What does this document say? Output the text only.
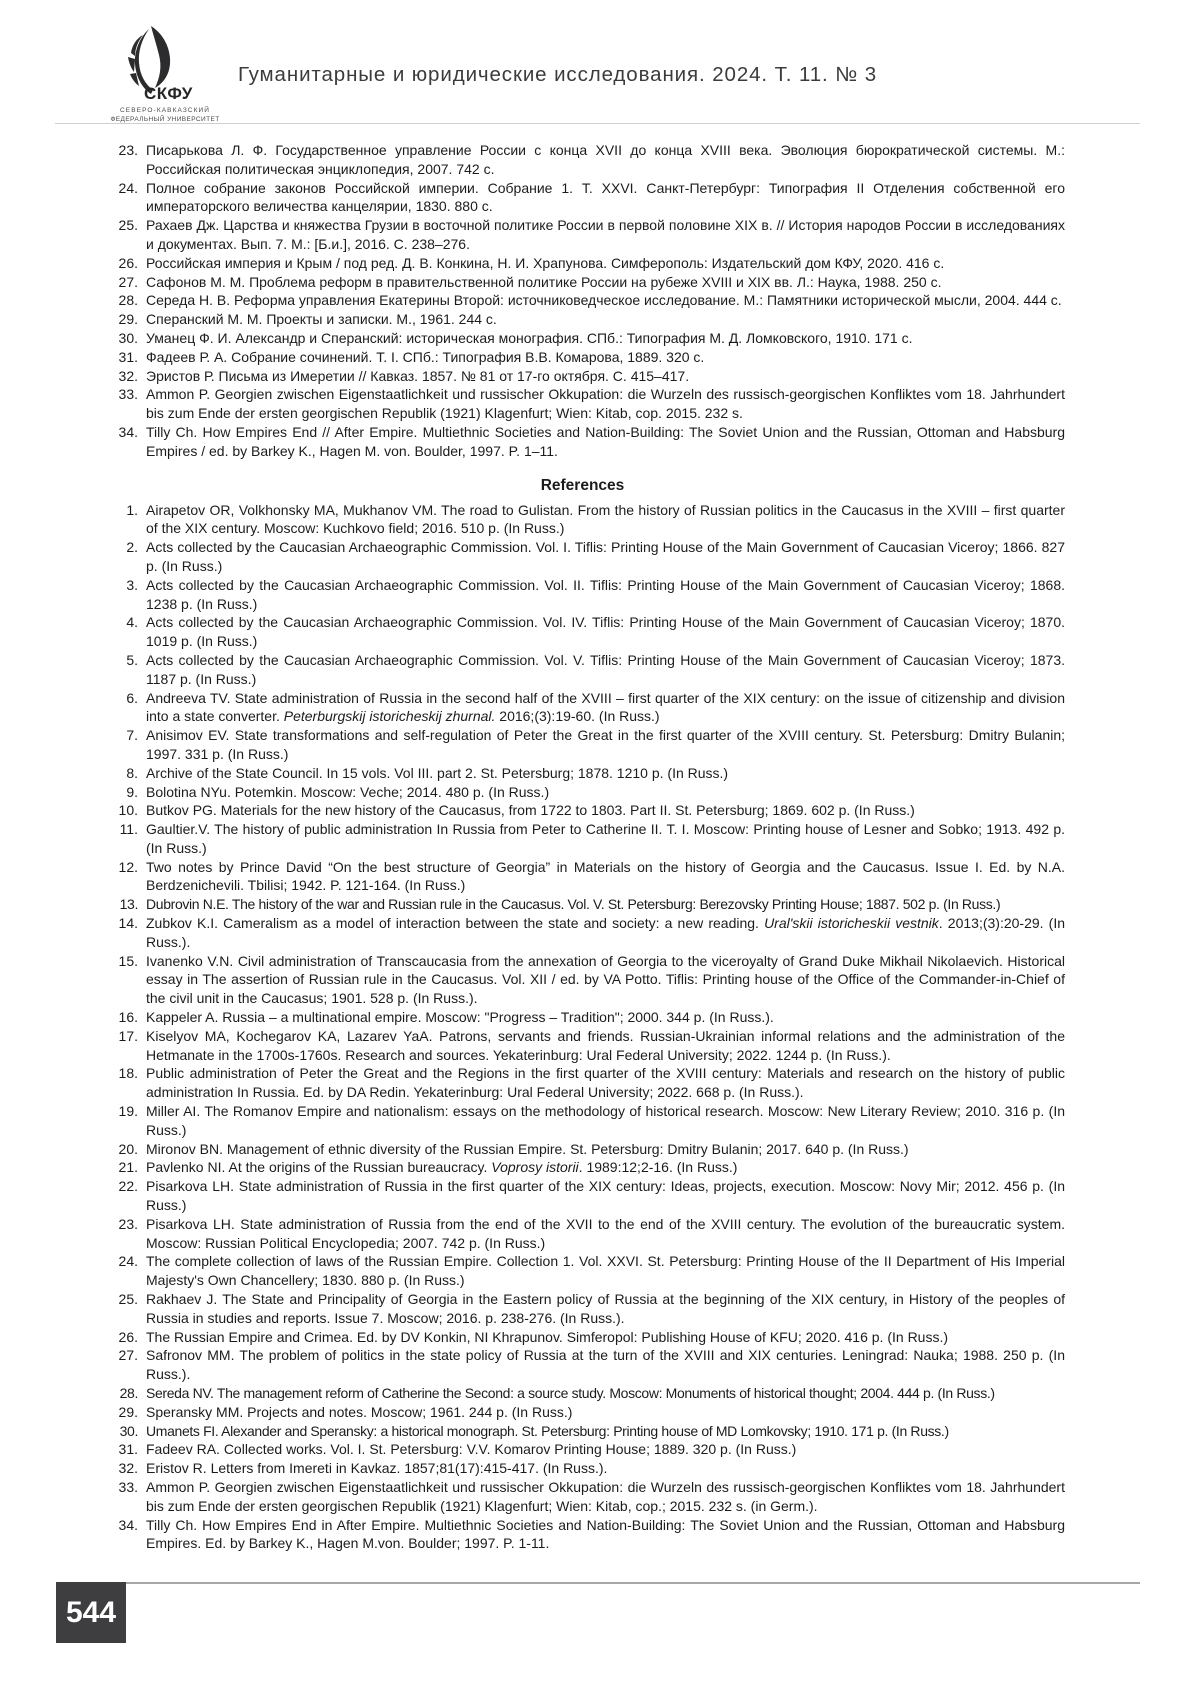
СКФУ
СЕВЕРО-КАВКАЗСКИЙ
ФЕДЕРАЛЬНЫЙ УНИВЕРСИТЕТ
Гуманитарные и юридические исследования. 2024. Т. 11. № 3
23. Писарькова Л. Ф. Государственное управление России с конца XVII до конца XVIII века. Эволюция бюрократической системы. М.: Российская политическая энциклопедия, 2007. 742 с.
24. Полное собрание законов Российской империи. Собрание 1. Т. XXVI. Санкт-Петербург: Типография II Отделения собственной его императорского величества канцелярии, 1830. 880 с.
25. Рахаев Дж. Царства и княжества Грузии в восточной политике России в первой половине XIX в. // История народов России в исследованиях и документах. Вып. 7. М.: [Б.и.], 2016. С. 238–276.
26. Российская империя и Крым / под ред. Д. В. Конкина, Н. И. Храпунова. Симферополь: Издательский дом КФУ, 2020. 416 с.
27. Сафонов М. М. Проблема реформ в правительственной политике России на рубеже XVIII и XIX вв. Л.: Наука, 1988. 250 с.
28. Середа Н. В. Реформа управления Екатерины Второй: источниковедческое исследование. М.: Памятники исторической мысли, 2004. 444 с.
29. Сперанский М. М. Проекты и записки. М., 1961. 244 с.
30. Уманец Ф. И. Александр и Сперанский: историческая монография. СПб.: Типография М. Д. Ломковского, 1910. 171 с.
31. Фадеев Р. А. Собрание сочинений. Т. I. СПб.: Типография В.В. Комарова, 1889. 320 с.
32. Эристов Р. Письма из Имеретии // Кавказ. 1857. № 81 от 17-го октября. С. 415–417.
33. Ammon P. Georgien zwischen Eigenstaatlichkeit und russischer Okkupation: die Wurzeln des russisch-georgischen Konfliktes vom 18. Jahrhundert bis zum Ende der ersten georgischen Republik (1921) Klagenfurt; Wien: Kitab, cop. 2015. 232 s.
34. Tilly Ch. How Empires End // After Empire. Multiethnic Societies and Nation-Building: The Soviet Union and the Russian, Ottoman and Habsburg Empires / ed. by Barkey K., Hagen M. von. Boulder, 1997. P. 1–11.
References
1. Airapetov OR, Volkhonsky MA, Mukhanov VM. The road to Gulistan. From the history of Russian politics in the Caucasus in the XVIII – first quarter of the XIX century. Moscow: Kuchkovo field; 2016. 510 p. (In Russ.)
2. Acts collected by the Caucasian Archaeographic Commission. Vol. I. Tiflis: Printing House of the Main Government of Caucasian Viceroy; 1866. 827 p. (In Russ.)
3. Acts collected by the Caucasian Archaeographic Commission. Vol. II. Tiflis: Printing House of the Main Government of Caucasian Viceroy; 1868. 1238 p. (In Russ.)
4. Acts collected by the Caucasian Archaeographic Commission. Vol. IV. Tiflis: Printing House of the Main Government of Caucasian Viceroy; 1870. 1019 p. (In Russ.)
5. Acts collected by the Caucasian Archaeographic Commission. Vol. V. Tiflis: Printing House of the Main Government of Caucasian Viceroy; 1873. 1187 p. (In Russ.)
6. Andreeva TV. State administration of Russia in the second half of the XVIII – first quarter of the XIX century: on the issue of citizenship and division into a state converter. Peterburgskij istoricheskij zhurnal. 2016;(3):19-60. (In Russ.)
7. Anisimov EV. State transformations and self-regulation of Peter the Great in the first quarter of the XVIII century. St. Petersburg: Dmitry Bulanin; 1997. 331 p. (In Russ.)
8. Archive of the State Council. In 15 vols. Vol III. part 2. St. Petersburg; 1878. 1210 p. (In Russ.)
9. Bolotina NYu. Potemkin. Moscow: Veche; 2014. 480 p. (In Russ.)
10. Butkov PG. Materials for the new history of the Caucasus, from 1722 to 1803. Part II. St. Petersburg; 1869. 602 p. (In Russ.)
11. Gaultier.V. The history of public administration In Russia from Peter to Catherine II. T. I. Moscow: Printing house of Lesner and Sobko; 1913. 492 p. (In Russ.)
12. Two notes by Prince David “On the best structure of Georgia” in Materials on the history of Georgia and the Caucasus. Issue I. Ed. by N.A. Berdzenichevili. Tbilisi; 1942. P. 121-164. (In Russ.)
13. Dubrovin N.E. The history of the war and Russian rule in the Caucasus. Vol. V. St. Petersburg: Berezovsky Printing House; 1887. 502 p. (In Russ.)
14. Zubkov K.I. Cameralism as a model of interaction between the state and society: a new reading. Ural'skii istoricheskii vestnik. 2013;(3):20-29. (In Russ.).
15. Ivanenko V.N. Civil administration of Transcaucasia from the annexation of Georgia to the viceroyalty of Grand Duke Mikhail Nikolaevich. Historical essay in The assertion of Russian rule in the Caucasus. Vol. XII / ed. by VA Potto. Tiflis: Printing house of the Office of the Commander-in-Chief of the civil unit in the Caucasus; 1901. 528 p. (In Russ.).
16. Kappeler A. Russia – a multinational empire. Moscow: "Progress – Tradition"; 2000. 344 p. (In Russ.).
17. Kiselyov MA, Kochegarov KA, Lazarev YaA. Patrons, servants and friends. Russian-Ukrainian informal relations and the administration of the Hetmanate in the 1700s-1760s. Research and sources. Yekaterinburg: Ural Federal University; 2022. 1244 p. (In Russ.).
18. Public administration of Peter the Great and the Regions in the first quarter of the XVIII century: Materials and research on the history of public administration In Russia. Ed. by DA Redin. Yekaterinburg: Ural Federal University; 2022. 668 p. (In Russ.).
19. Miller AI. The Romanov Empire and nationalism: essays on the methodology of historical research. Moscow: New Literary Review; 2010. 316 p. (In Russ.)
20. Mironov BN. Management of ethnic diversity of the Russian Empire. St. Petersburg: Dmitry Bulanin; 2017. 640 p. (In Russ.)
21. Pavlenko NI. At the origins of the Russian bureaucracy. Voprosy istorii. 1989:12;2-16. (In Russ.)
22. Pisarkova LH. State administration of Russia in the first quarter of the XIX century: Ideas, projects, execution. Moscow: Novy Mir; 2012. 456 p. (In Russ.)
23. Pisarkova LH. State administration of Russia from the end of the XVII to the end of the XVIII century. The evolution of the bureaucratic system. Moscow: Russian Political Encyclopedia; 2007. 742 p. (In Russ.)
24. The complete collection of laws of the Russian Empire. Collection 1. Vol. XXVI. St. Petersburg: Printing House of the II Department of His Imperial Majesty's Own Chancellery; 1830. 880 p. (In Russ.)
25. Rakhaev J. The State and Principality of Georgia in the Eastern policy of Russia at the beginning of the XIX century, in History of the peoples of Russia in studies and reports. Issue 7. Moscow; 2016. p. 238-276. (In Russ.).
26. The Russian Empire and Crimea. Ed. by DV Konkin, NI Khrapunov. Simferopol: Publishing House of KFU; 2020. 416 p. (In Russ.)
27. Safronov MM. The problem of politics in the state policy of Russia at the turn of the XVIII and XIX centuries. Leningrad: Nauka; 1988. 250 p. (In Russ.).
28. Sereda NV. The management reform of Catherine the Second: a source study. Moscow: Monuments of historical thought; 2004. 444 p. (In Russ.)
29. Speransky MM. Projects and notes. Moscow; 1961. 244 p. (In Russ.)
30. Umanets FI. Alexander and Speransky: a historical monograph. St. Petersburg: Printing house of MD Lomkovsky; 1910. 171 p. (In Russ.)
31. Fadeev RA. Collected works. Vol. I. St. Petersburg: V.V. Komarov Printing House; 1889. 320 p. (In Russ.)
32. Eristov R. Letters from Imereti in Kavkaz. 1857;81(17):415-417. (In Russ.).
33. Ammon P. Georgien zwischen Eigenstaatlichkeit und russischer Okkupation: die Wurzeln des russisch-georgischen Konfliktes vom 18. Jahrhundert bis zum Ende der ersten georgischen Republik (1921) Klagenfurt; Wien: Kitab, cop.; 2015. 232 s. (in Germ.).
34. Tilly Ch. How Empires End in After Empire. Multiethnic Societies and Nation-Building: The Soviet Union and the Russian, Ottoman and Habsburg Empires. Ed. by Barkey K., Hagen M.von. Boulder; 1997. P. 1-11.
544
